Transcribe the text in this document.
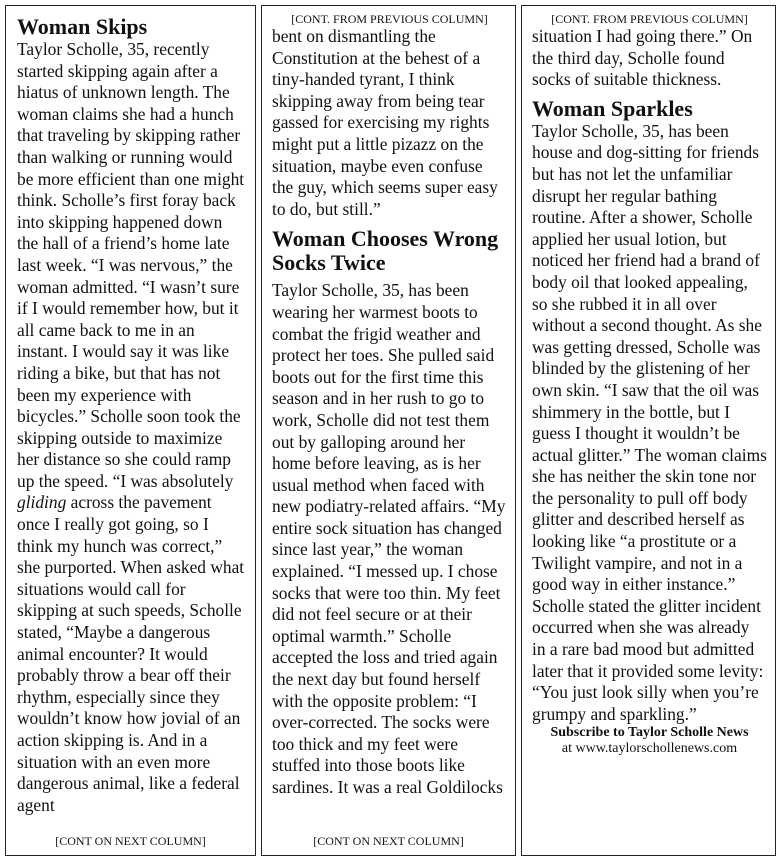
Woman Skips

Taylor Scholle, 35, recently started skipping again after a hiatus of unknown length. The woman claims she had a hunch that traveling by skipping rather than walking or running would be more efficient than one might think. Scholle’s first foray back into skipping happened down the hall of a friend’s home late last week. “I was nervous,” the woman admitted. “I wasn’t sure if I would remember how, but it all came back to me in an instant. I would say it was like riding a bike, but that has not been my experience with bicycles.” Scholle soon took the skipping outside to maximize her distance so she could ramp up the speed. “I was absolutely gliding across the pavement once I really got going, so I think my hunch was correct,” she purported. When asked what situations would call for skipping at such speeds, Scholle stated, “Maybe a dangerous animal encounter? It would probably throw a bear off their rhythm, especially since they wouldn’t know how jovial of an action skipping is. And in a situation with an even more dangerous animal, like a federal agent

[CONT ON NEXT COLUMN]

[CONT. FROM PREVIOUS COLUMN]

bent on dismantling the Constitution at the behest of a tiny-handed tyrant, I think skipping away from being tear gassed for exercising my rights might put a little pizazz on the situation, maybe even confuse the guy, which seems super easy to do, but still.”

Woman Chooses Wrong Socks Twice

Taylor Scholle, 35, has been wearing her warmest boots to combat the frigid weather and protect her toes. She pulled said boots out for the first time this season and in her rush to go to work, Scholle did not test them out by galloping around her home before leaving, as is her usual method when faced with new podiatry-related affairs. “My entire sock situation has changed since last year,” the woman explained. “I messed up. I chose socks that were too thin. My feet did not feel secure or at their optimal warmth.” Scholle accepted the loss and tried again the next day but found herself with the opposite problem: “I over-corrected. The socks were too thick and my feet were stuffed into those boots like sardines. It was a real Goldilocks

[CONT ON NEXT COLUMN]

[CONT. FROM PREVIOUS COLUMN]

situation I had going there.” On the third day, Scholle found socks of suitable thickness.

Woman Sparkles

Taylor Scholle, 35, has been house and dog-sitting for friends but has not let the unfamiliar disrupt her regular bathing routine. After a shower, Scholle applied her usual lotion, but noticed her friend had a brand of body oil that looked appealing, so she rubbed it in all over without a second thought. As she was getting dressed, Scholle was blinded by the glistening of her own skin. “I saw that the oil was shimmery in the bottle, but I guess I thought it wouldn’t be actual glitter.” The woman claims she has neither the skin tone nor the personality to pull off body glitter and described herself as looking like “a prostitute or a Twilight vampire, and not in a good way in either instance.” Scholle stated the glitter incident occurred when she was already in a rare bad mood but admitted later that it provided some levity: “You just look silly when you’re grumpy and sparkling.”

Subscribe to Taylor Scholle News

at www.taylorschollenews.com
